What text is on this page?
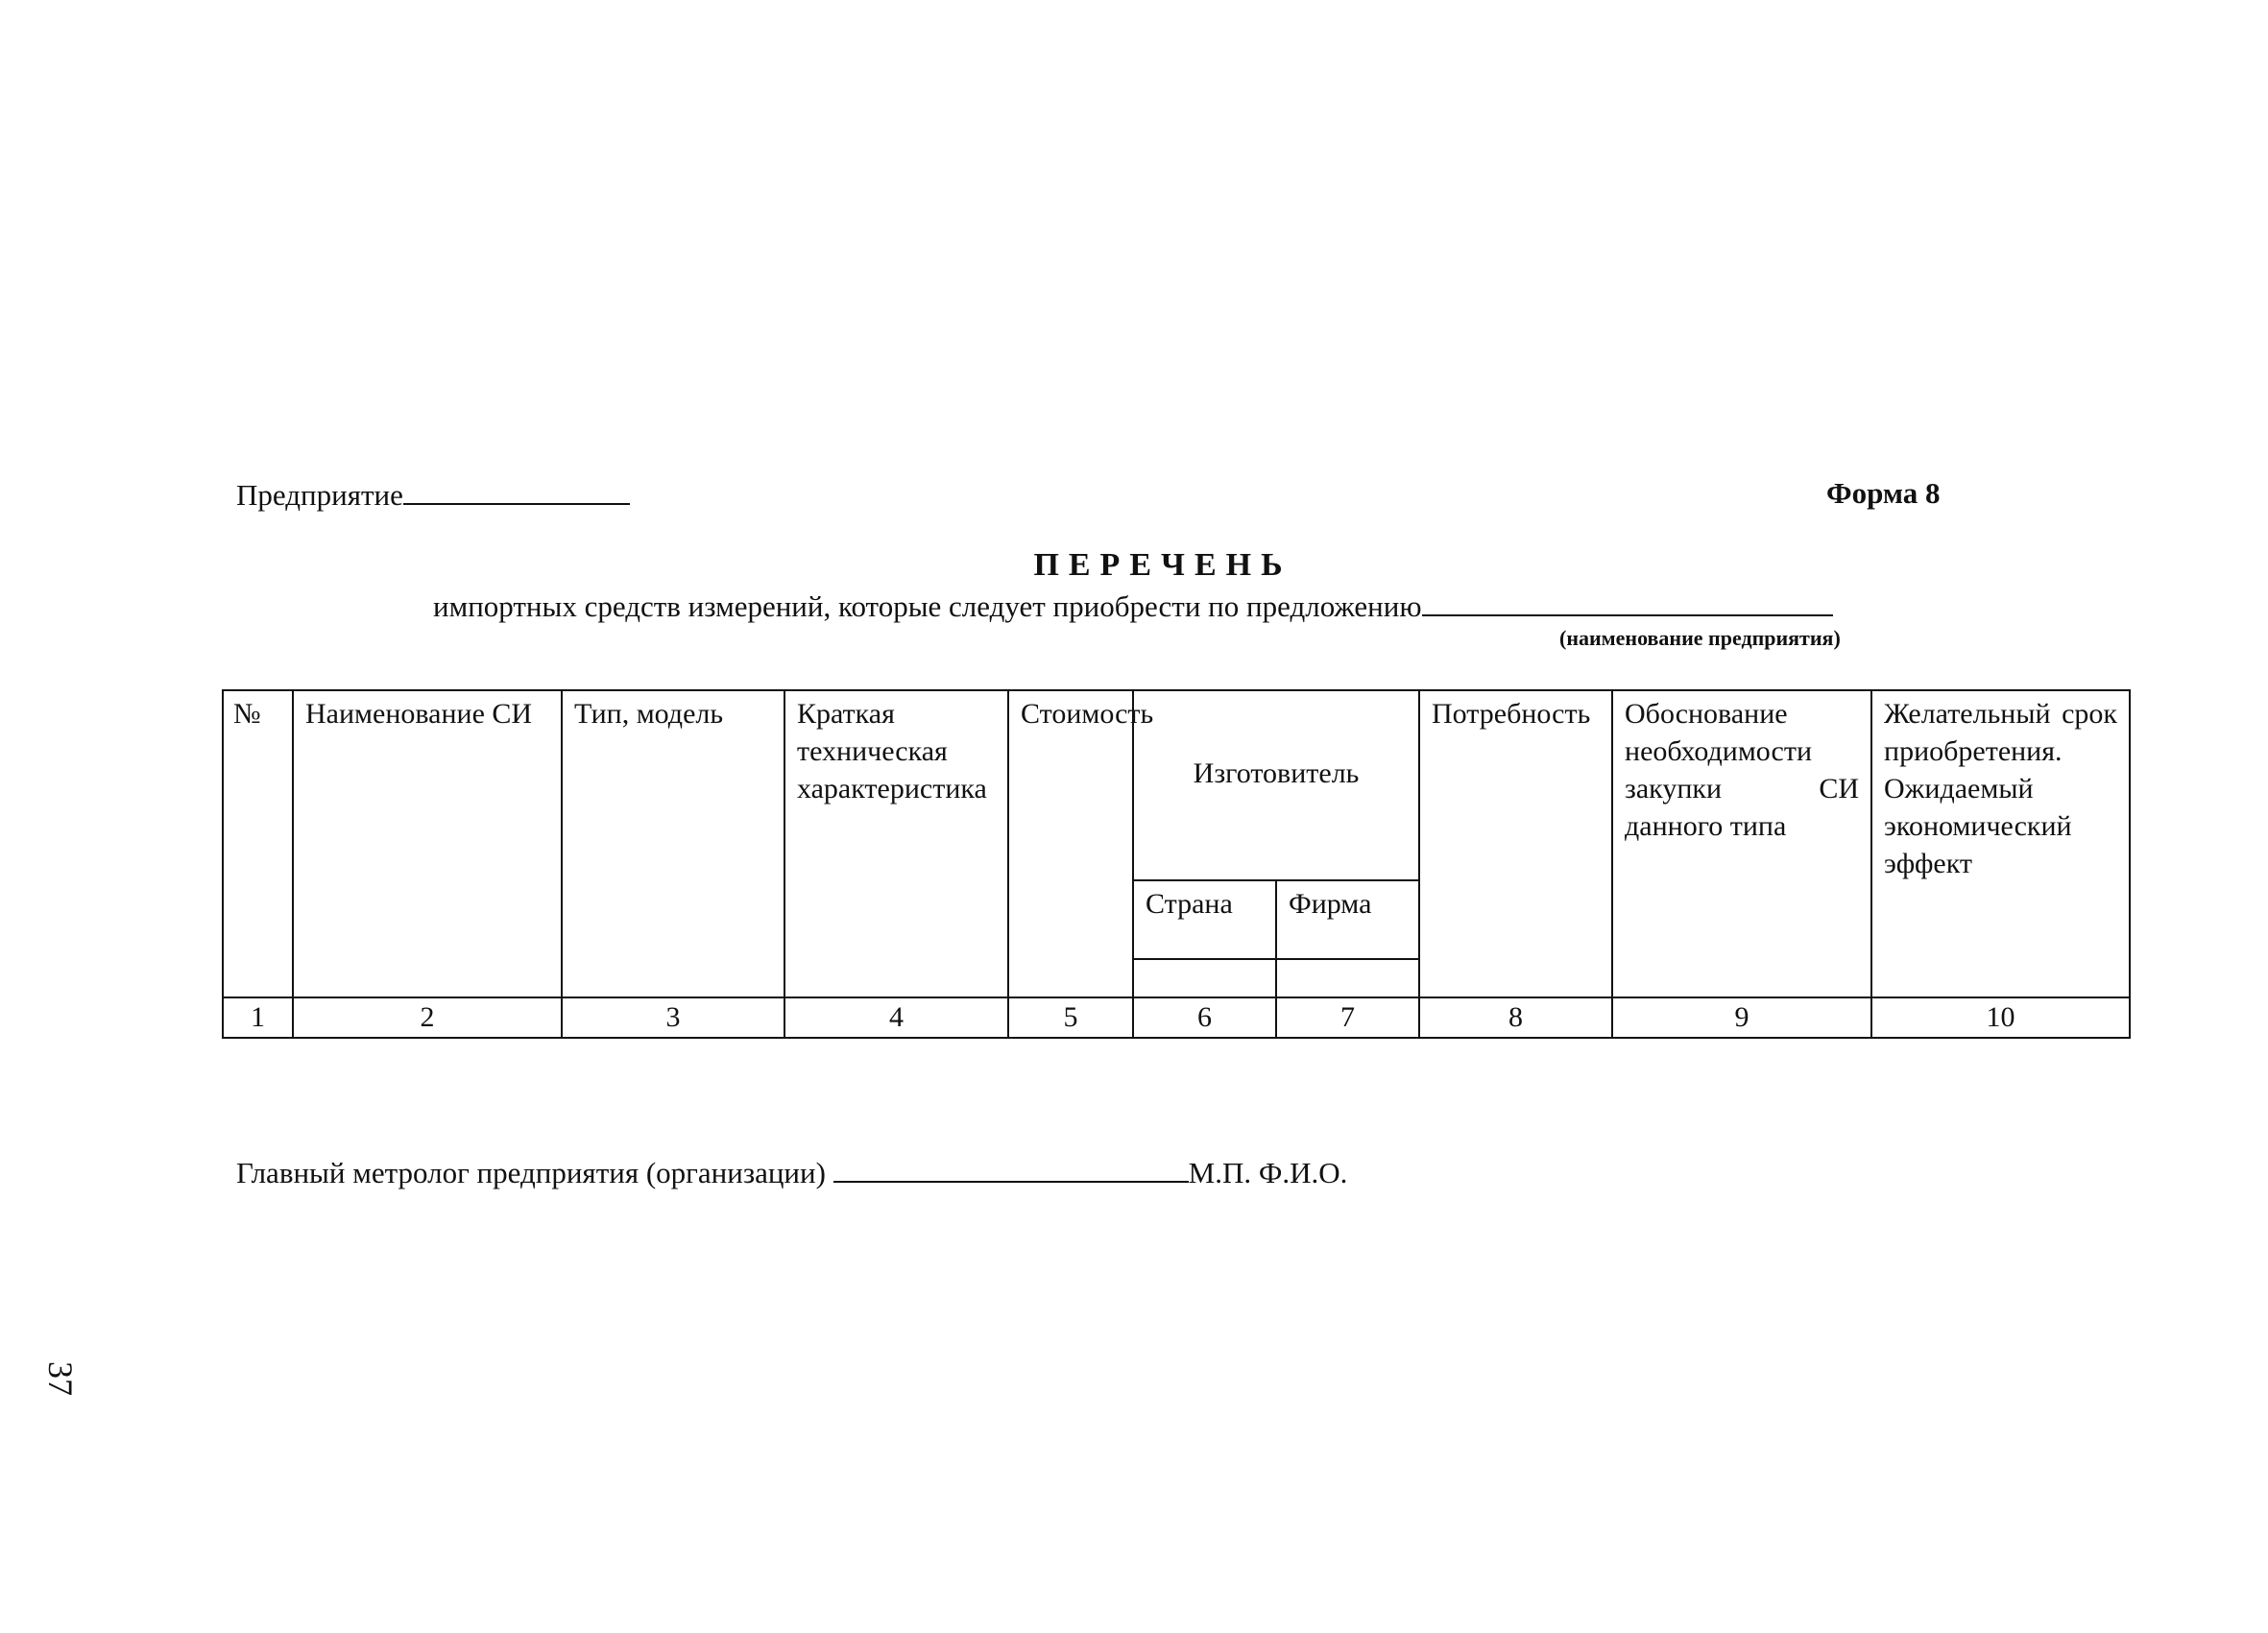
Предприятие	Форма 8
ПЕРЕЧЕНЬ
импортных средств измерений, которые следует приобрести по предложению
(наименование предприятия)
№	Наименование СИ	Тип, модель	Краткая техническая характеристика	Стоимость	Изготовитель		Потребность	Обоснование необходимости закупки СИ данного типа	Желательный срок приобретения. Ожидаемый экономический эффект
					Страна	Фирма			

1	2	3	4	5	6	7	8	9	10
Главный метролог предприятия (организации)	М.П. Ф.И.О.
37
